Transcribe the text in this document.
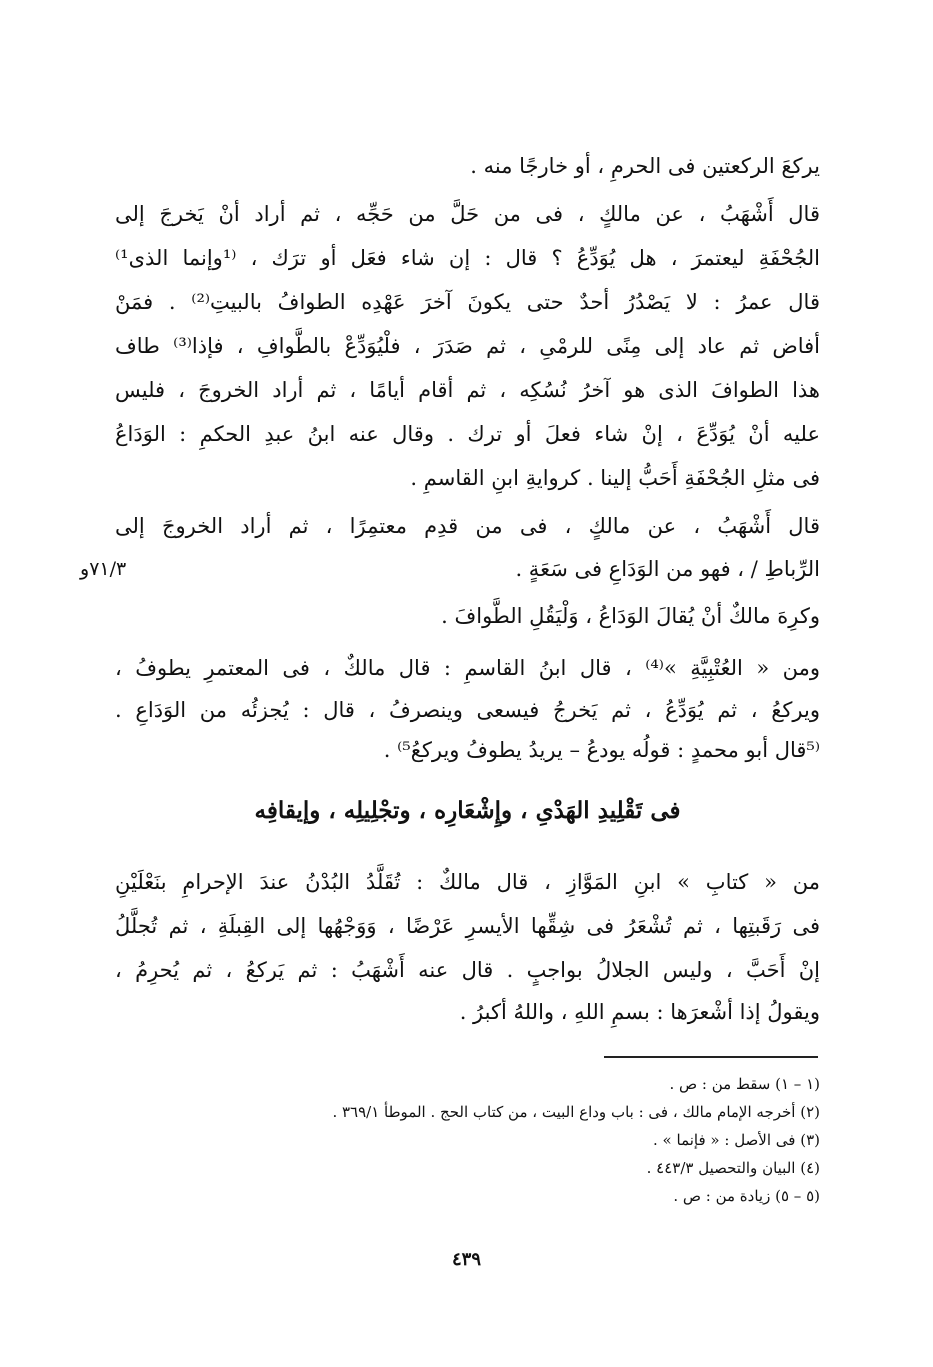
يركعَ الركعتين فى الحرمِ ، أو خارجًا منه .
قال أَشْهَبُ ، عن مالكٍ ، فى من حَلَّ من حَجِّه ، ثم أراد أنْ يَخرجَ إلى
الجُحْفَةِ ليعتمرَ ، هل يُوَدِّعُ ؟ قال : إن شاء فعَل أو ترَك ، ⁽¹وإنما الذى¹⁾
قال عمرُ : لا يَصْدُرُ أحدٌ حتى يكونَ آخرَ عَهْدِه الطوافُ بالبيتِ⁽²⁾ . فمَنْ
أفاض ثم عاد إلى مِنًى للرمْىِ ، ثم صَدَرَ ، فلْيُوَدِّعْ بالطَّوافِ ، فإذا⁽³⁾ طاف
هذا الطوافَ الذى هو آخرُ نُسُكِه ، ثم أقام أيامًا ، ثم أراد الخروجَ ، فليس
عليه أنْ يُوَدِّعَ ، إنْ شاء فعلَ أو ترك . وقال عنه ابنُ عبدِ الحكمِ : الوَدَاعُ
فى مثلِ الجُحْفَةِ أَحَبُّ إلينا . كروايةِ ابنِ القاسمِ .
قال أَشْهَبُ ، عن مالكٍ ، فى من قدِم معتمِرًا ، ثم أراد الخروجَ إلى
الرِّباطِ / ، فهو من الوَدَاعِ فى سَعَةٍ .
وكرِهَ مالكٌ أنْ يُقالَ الوَدَاعُ ، وَلْيَقُلِ الطَّوافَ .
ومن « العُتْبِيَّةِ »⁽⁴⁾ ، قال ابنُ القاسمِ : قال مالكٌ ، فى المعتمرِ يطوفُ ،
ويركعُ ، ثم يُوَدِّعُ ، ثم يَخرجُ فيسعى وينصرفُ ، قال : يُجزئُه من الوَدَاعِ .
⁽⁵قال أبو محمدٍ : قولُه يودعُ – يريدُ يطوفُ ويركعُ⁵⁾ .
٧١/٣و
فى تَقْلِيدِ الهَدْىِ ، وإِشْعَارِه ، وتجْلِيلِه ، وإيقافِه
من « كتابِ » ابنِ المَوَّازِ ، قال مالكٌ : تُقَلَّدُ البُدْنُ عندَ الإحرامِ بنَعْلَيْنِ
فى رَقَبتِها ، ثم تُشْعَرُ فى شِقِّها الأيسرِ عَرْضًا ، وَوَجْهُها إلى القِبلَةِ ، ثم تُجلَّلُ
إنْ أَحَبَّ ، وليس الجلالُ بواجبٍ . قال عنه أَشْهَبُ : ثم يَركعُ ، ثم يُحرِمُ ،
ويقولُ إذا أشْعرَها : بسمِ اللهِ ، واللهُ أكبرُ .
(١ – ١) سقط من : ص .
(٢) أخرجه الإمام مالك ، فى : باب وداع البيت ، من كتاب الحج . الموطأ ٣٦٩/١ .
(٣) فى الأصل : « فإنما » .
(٤) البيان والتحصيل ٤٤٣/٣ .
(٥ – ٥) زيادة من : ص .
٤٣٩
